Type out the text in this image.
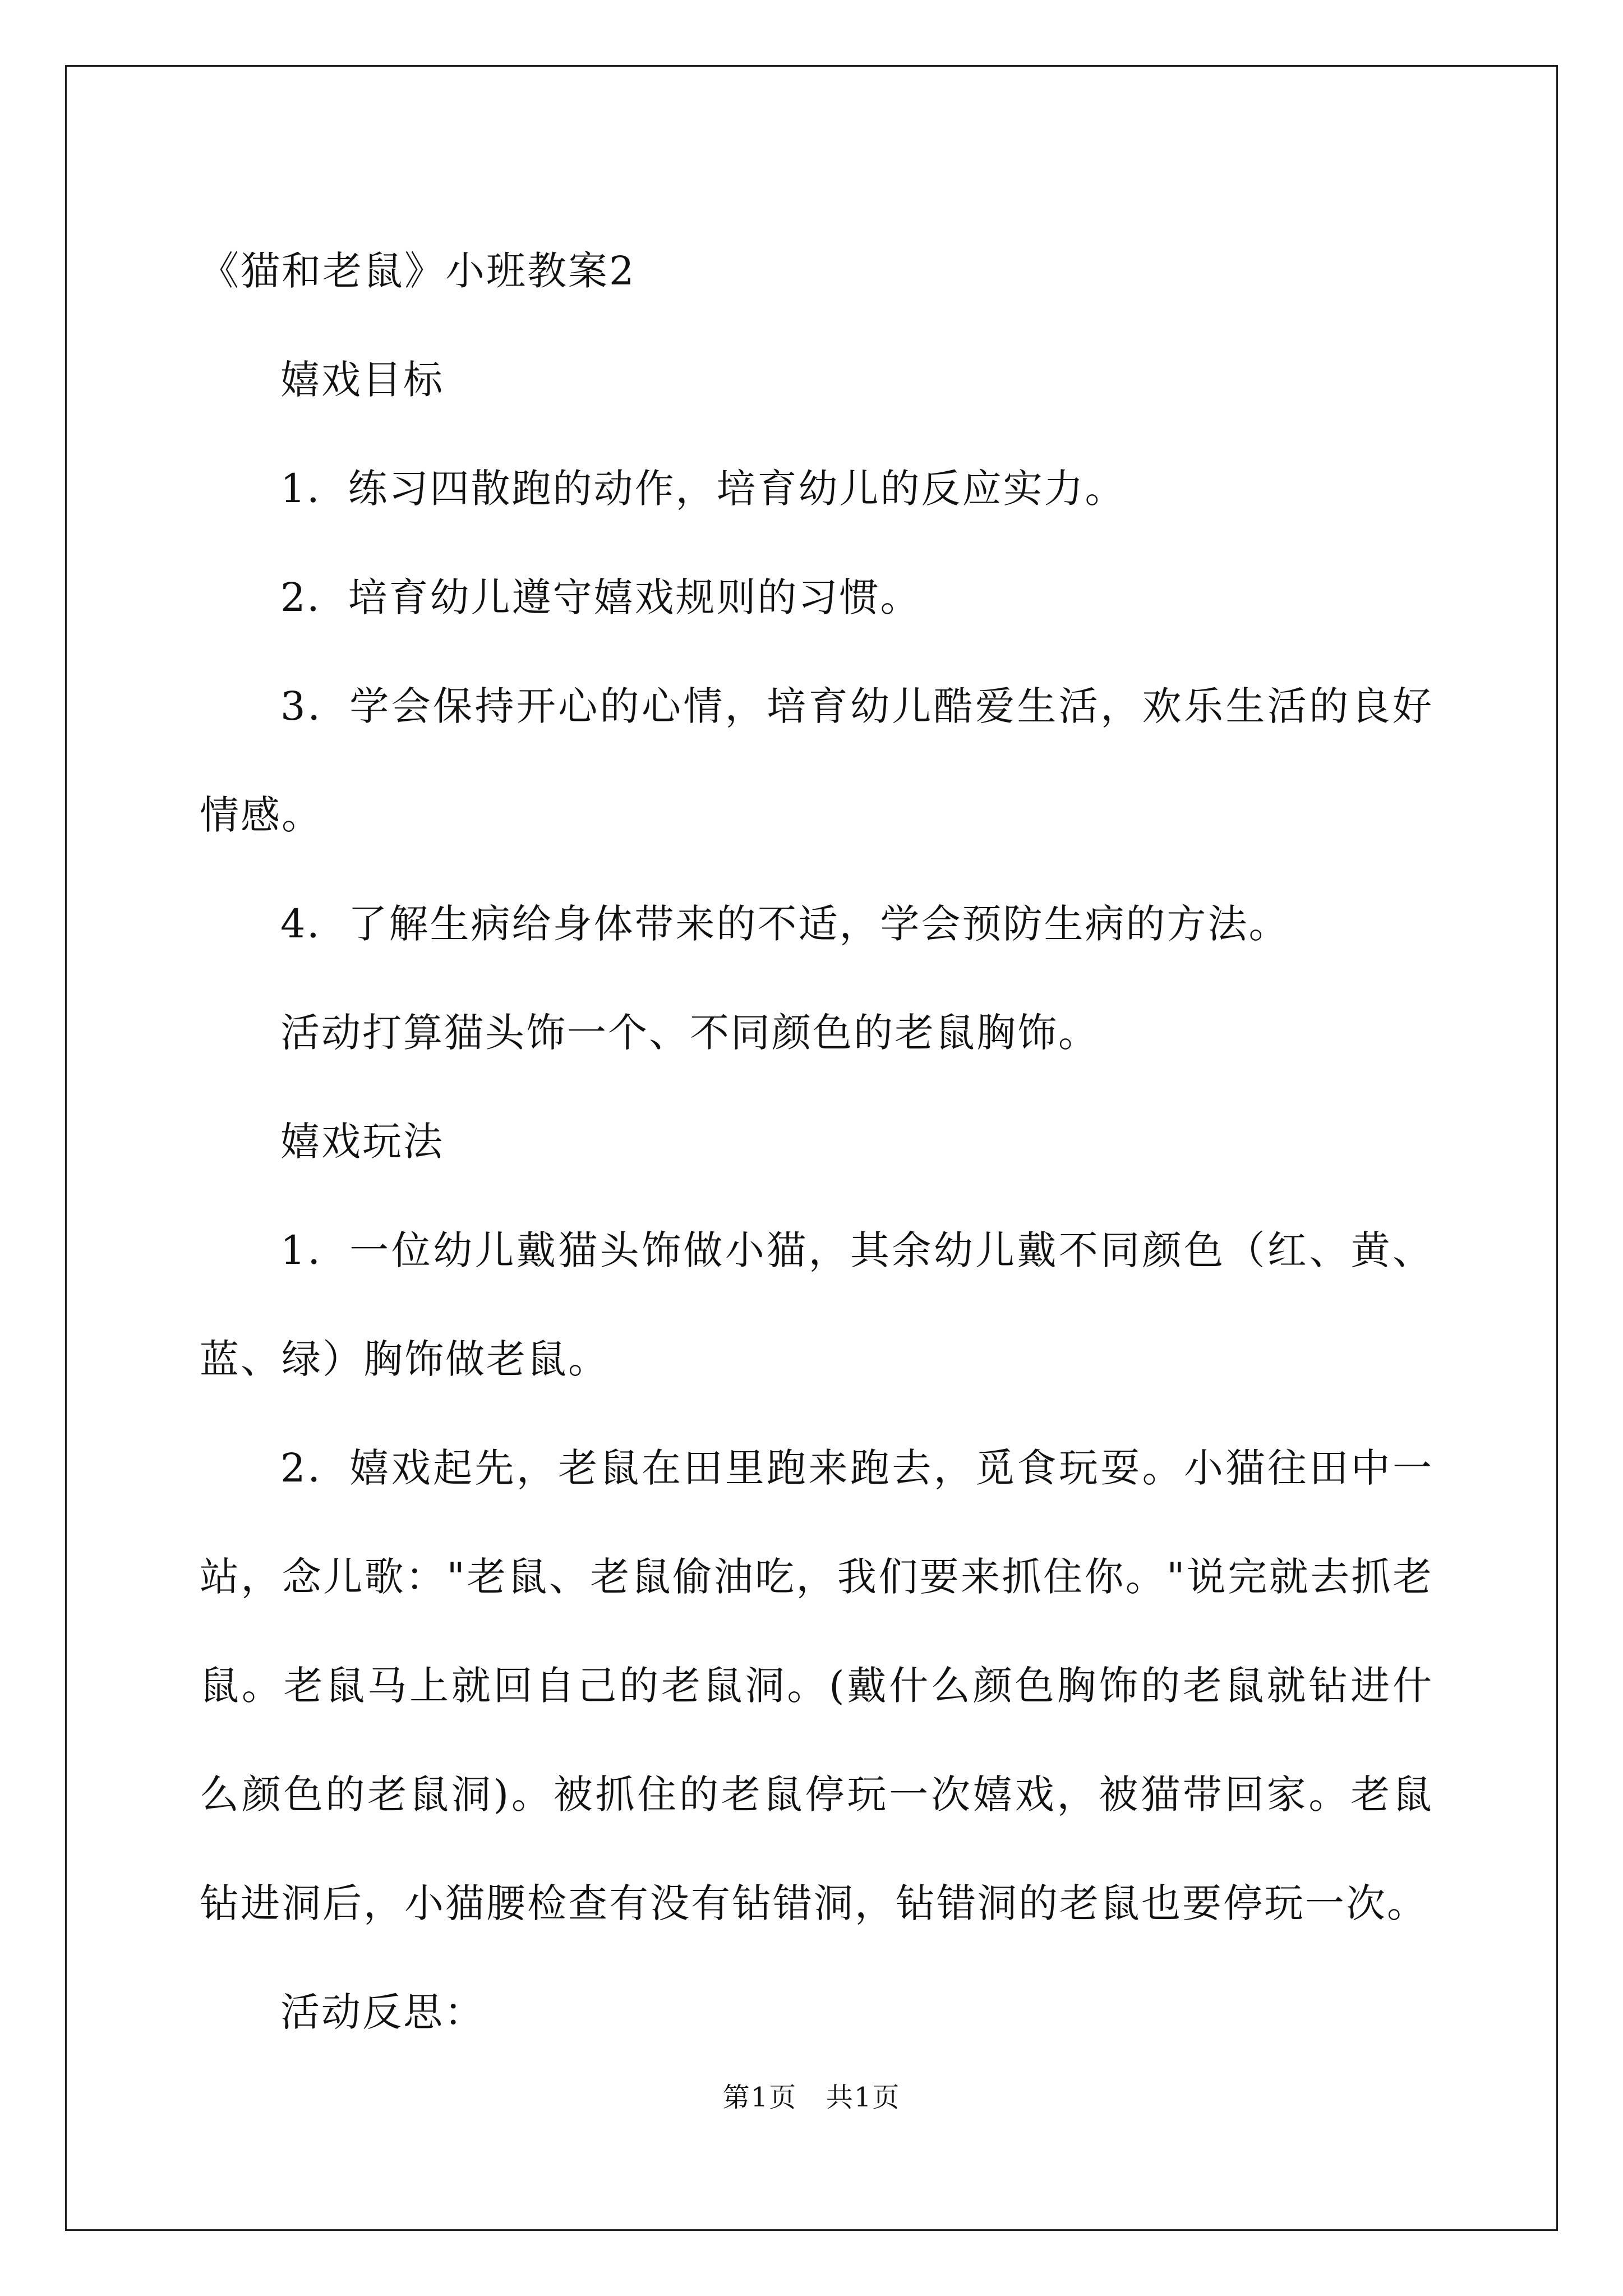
《猫和老鼠》小班教案2

嬉戏目标

1．练习四散跑的动作，培育幼儿的反应实力。

2．培育幼儿遵守嬉戏规则的习惯。

3．学会保持开心的心情，培育幼儿酷爱生活，欢乐生活的良好情感。

4．了解生病给身体带来的不适，学会预防生病的方法。

活动打算猫头饰一个、不同颜色的老鼠胸饰。

嬉戏玩法

1．一位幼儿戴猫头饰做小猫，其余幼儿戴不同颜色（红、黄、蓝、绿）胸饰做老鼠。

2．嬉戏起先，老鼠在田里跑来跑去，觅食玩耍。小猫往田中一站，念儿歌："老鼠、老鼠偷油吃，我们要来抓住你。"说完就去抓老鼠。老鼠马上就回自己的老鼠洞。(戴什么颜色胸饰的老鼠就钻进什么颜色的老鼠洞)。被抓住的老鼠停玩一次嬉戏，被猫带回家。老鼠钻进洞后，小猫腰检查有没有钻错洞，钻错洞的老鼠也要停玩一次。

活动反思：

第1页 共1页
